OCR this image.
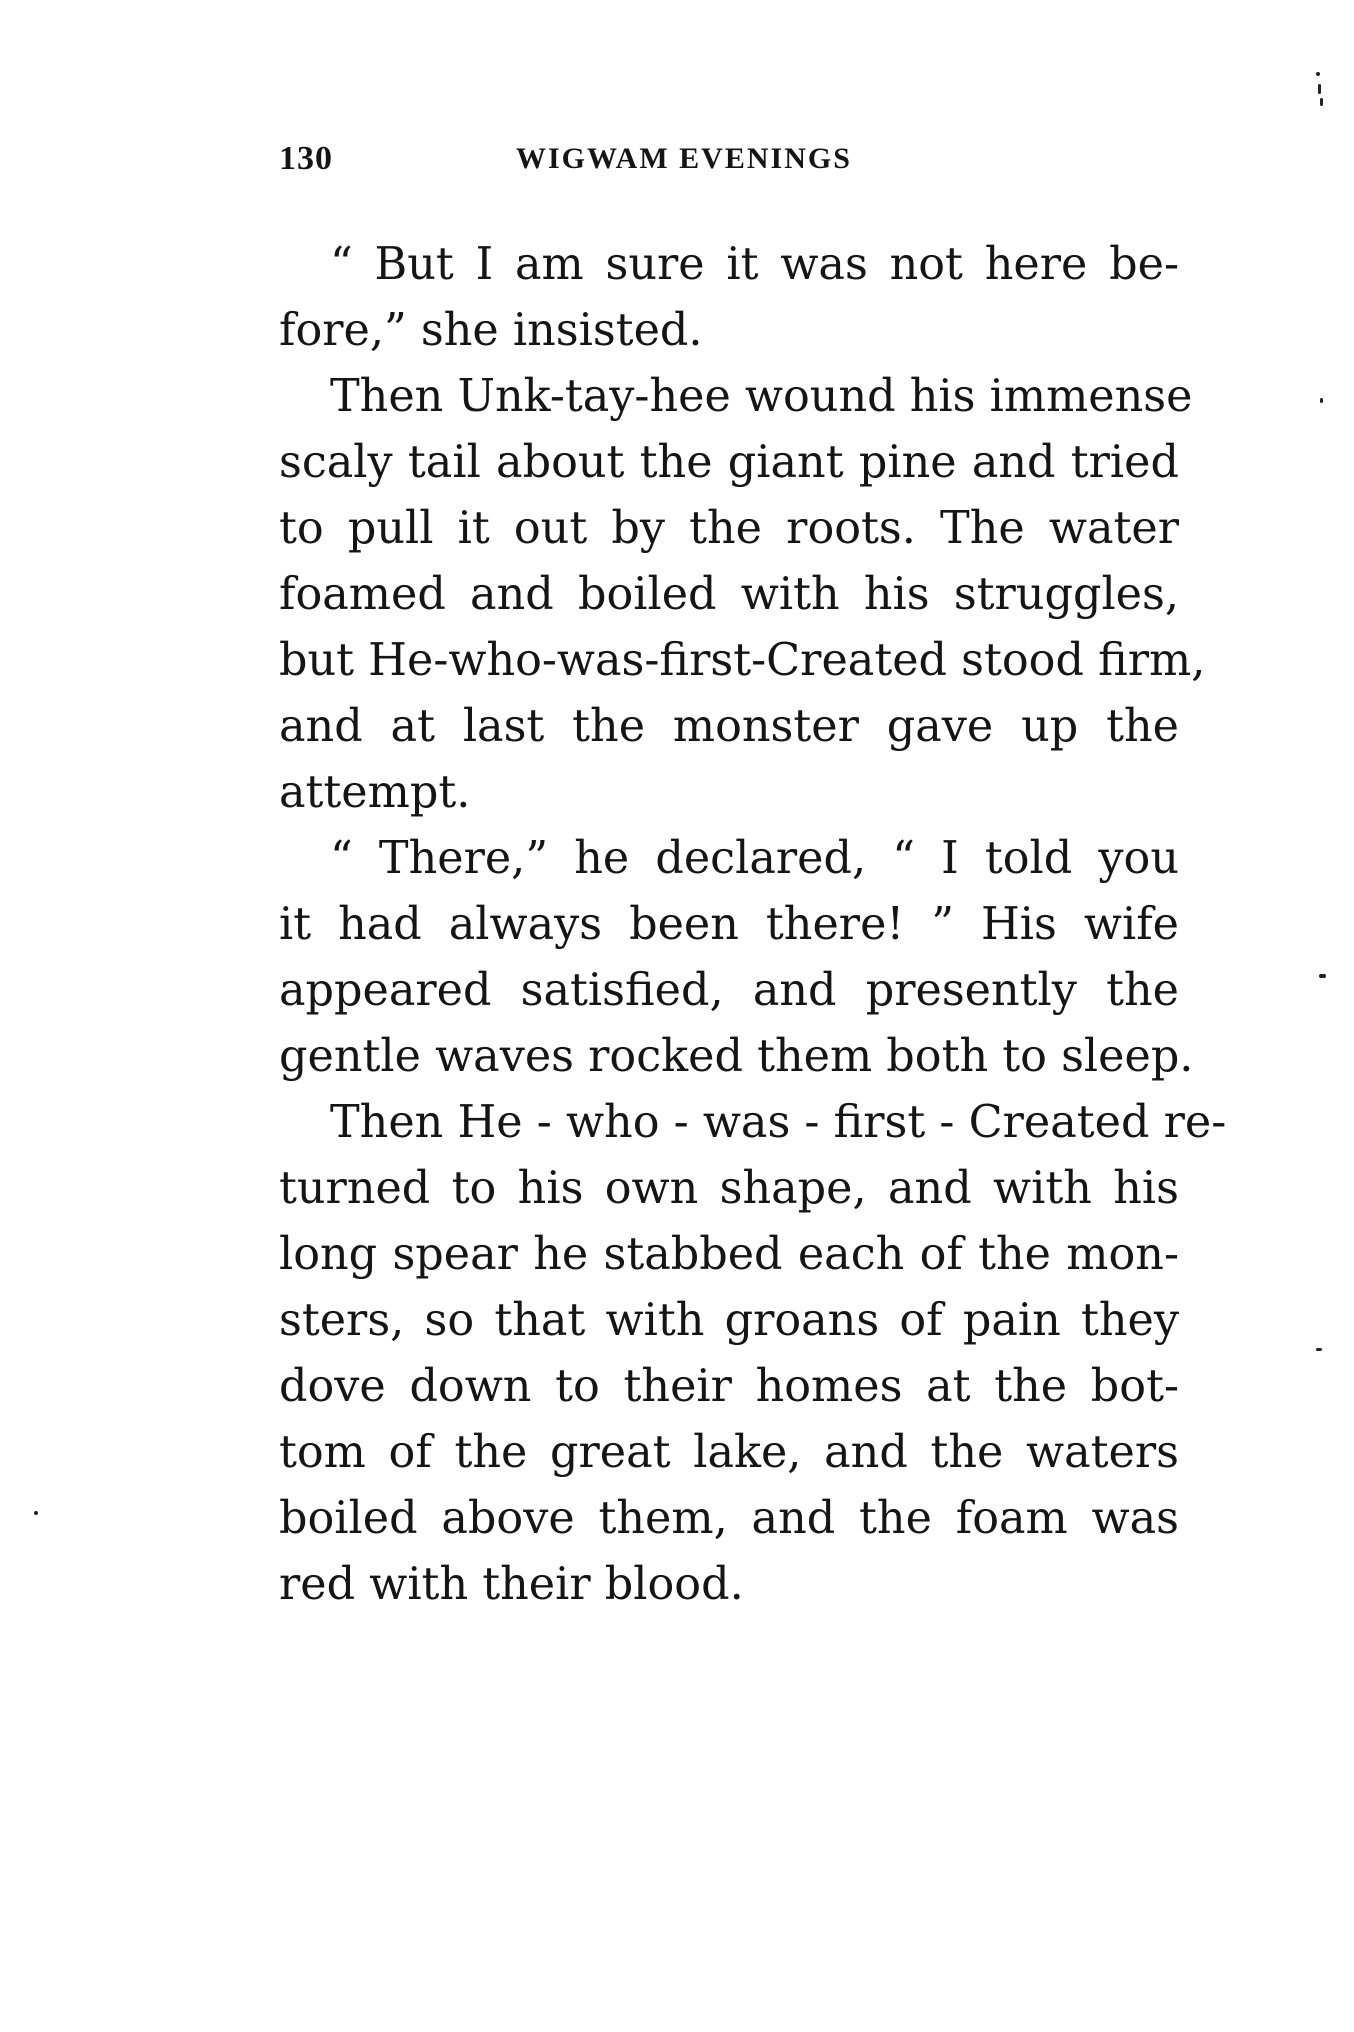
130	WIGWAM EVENINGS
“ But I am sure it was not here be-
fore,” she insisted.
Then Unk-tay-hee wound his immense
scaly tail about the giant pine and tried
to pull it out by the roots. The water
foamed and boiled with his struggles,
but He-who-was-first-Created stood firm,
and at last the monster gave up the
attempt.
“ There,” he declared, “ I told you
it had always been there! ” His wife
appeared satisfied, and presently the
gentle waves rocked them both to sleep.
Then He - who - was - first - Created re-
turned to his own shape, and with his
long spear he stabbed each of the mon-
sters, so that with groans of pain they
dove down to their homes at the bot-
tom of the great lake, and the waters
boiled above them, and the foam was
red with their blood.
